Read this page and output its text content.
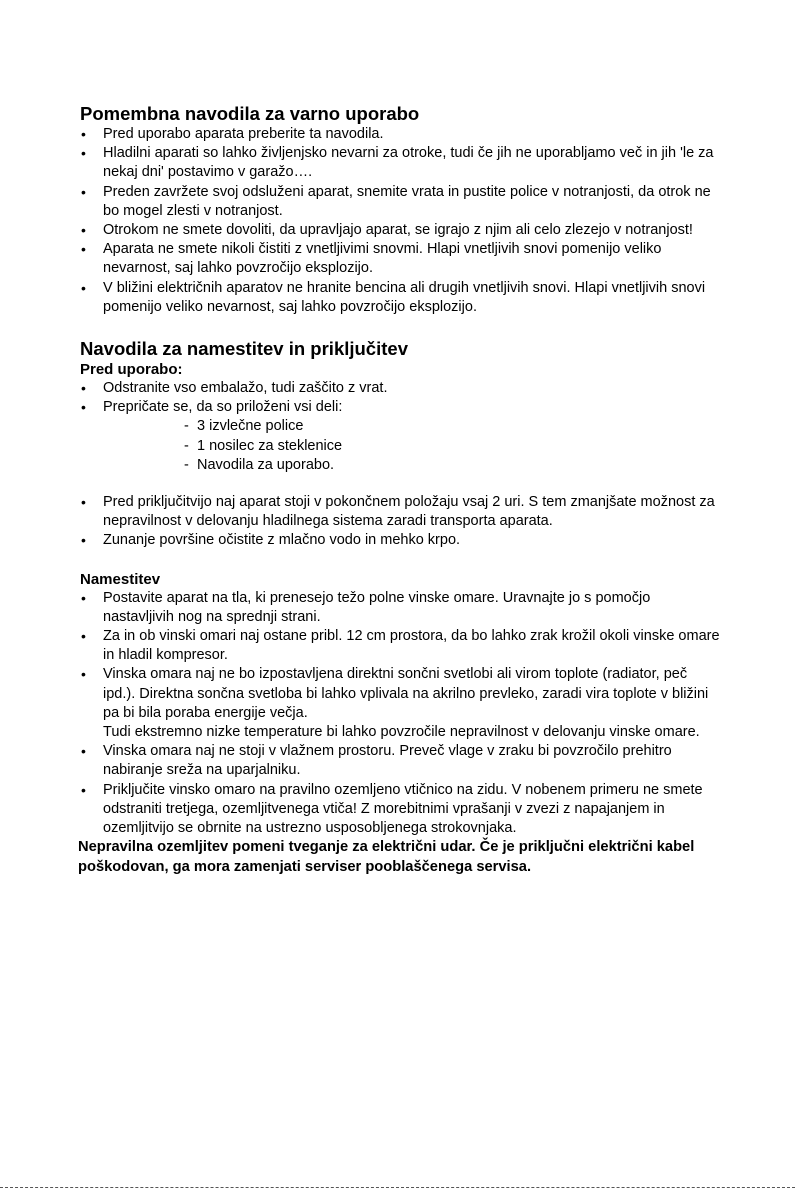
Pomembna navodila za varno uporabo
• Pred uporabo aparata preberite ta navodila.
• Hladilni aparati so lahko življenjsko nevarni za otroke, tudi če jih ne uporabljamo več in jih 'le za nekaj dni' postavimo v garažo….
• Preden zavržete svoj odsluženi aparat, snemite vrata in pustite police v notranjosti, da otrok ne bo mogel zlesti v notranjost.
• Otrokom ne smete dovoliti, da upravljajo aparat, se igrajo z njim ali celo zlezejo v notranjost!
• Aparata ne smete nikoli čistiti z vnetljivimi snovmi. Hlapi vnetljivih snovi pomenijo veliko nevarnost, saj lahko povzročijo eksplozijo.
• V bližini električnih aparatov ne hranite bencina ali drugih vnetljivih snovi. Hlapi vnetljivih snovi pomenijo veliko nevarnost, saj lahko povzročijo eksplozijo.
Navodila za namestitev in priključitev
Pred uporabo:
• Odstranite vso embalažo, tudi zaščito z vrat.
• Prepričate se, da so priloženi vsi deli:
- 3 izvlečne police
- 1 nosilec za steklenice
- Navodila za uporabo.
• Pred priključitvijo naj aparat stoji v pokončnem položaju vsaj 2 uri. S tem zmanjšate možnost za nepravilnost v delovanju hladilnega sistema zaradi transporta aparata.
• Zunanje površine očistite z mlačno vodo in mehko krpo.
Namestitev
• Postavite aparat na tla, ki prenesejo težo polne vinske omare. Uravnajte jo s pomočjo nastavljivih nog na sprednji strani.
• Za in ob vinski omari naj ostane pribl. 12 cm prostora, da bo lahko zrak krožil okoli vinske omare in hladil kompresor.
• Vinska omara naj ne bo izpostavljena direktni sončni svetlobi ali virom toplote (radiator, peč ipd.). Direktna sončna svetloba bi lahko vplivala na akrilno prevleko, zaradi vira toplote v bližini pa bi bila poraba energije večja.
Tudi ekstremno nizke temperature bi lahko povzročile nepravilnost v delovanju vinske omare.
• Vinska omara naj ne stoji v vlažnem prostoru. Preveč vlage v zraku bi povzročilo prehitro nabiranje sreža na uparjalniku.
• Priključite vinsko omaro na pravilno ozemljeno vtičnico na zidu. V nobenem primeru ne smete odstraniti tretjega, ozemljitvenega vtiča! Z morebitnimi vprašanji v zvezi z napajanjem in ozemljitvijo se obrnite na ustrezno usposobljenega strokovnjaka.

Nepravilna ozemljitev pomeni tveganje za električni udar. Če je priključni električni kabel poškodovan, ga mora zamenjati serviser pooblaščenega servisa.
